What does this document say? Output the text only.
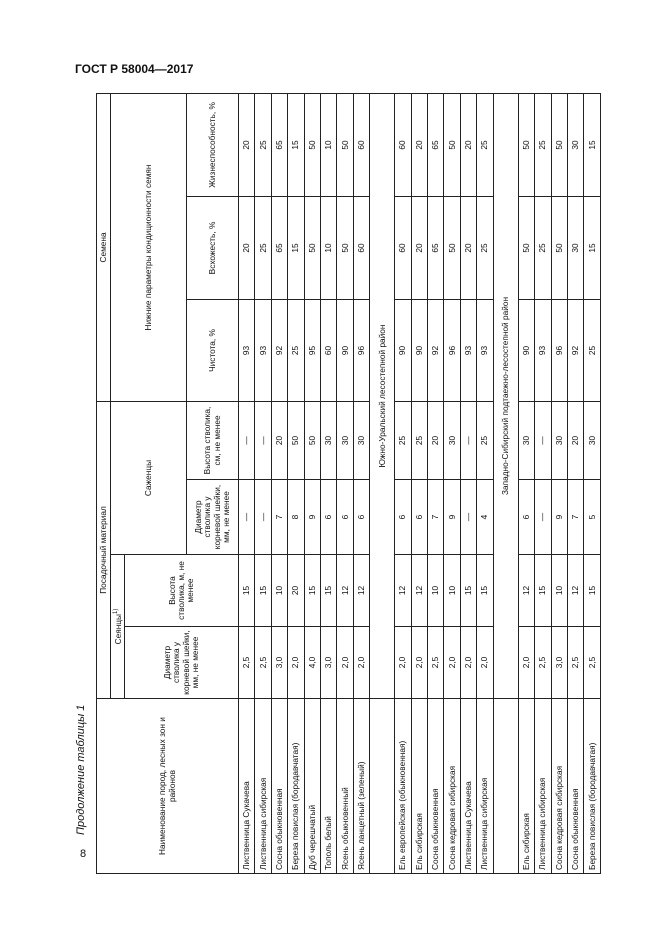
ГОСТ Р 58004—2017
Продолжение таблицы 1
8	Наименование пород, лесных зон и районов	Посадочный материал				Семена		
	Сеянцы$^{1)}$		Саженцы		Нижние параметры кондиционности семян		
	Диаметр стволика у корневой шейки, мм, не менее	Высота стволика, м, не менее					
			Диаметр стволика у корневой шейки, мм, не менее	Высота стволика, см, не менее	Чистота, %	Всхожесть, %	Жизнеспособность, %
Лиственница Сукачева	2,5	15	—	—	93	20	20
Лиственница сибирская	2,5	15	—	—	93	25	25
Сосна обыкновенная	3,0	10	7	20	92	65	65
Береза повислая (бородавчатая)	2,0	20	8	50	25	15	15
Дуб черешчатый	4,0	15	9	50	95	50	50
Тополь белый	3,0	15	6	30	60	10	10
Ясень обыкновенный	2,0	12	6	30	90	50	50
Ясень ланцетный (зеленый)	2,0	12	6	30	96	60	60
	Южно-Уральский лесостепной район						
Ель европейская (обыкновенная)	2,0	12	6	25	90	60	60
Ель сибирская	2,0	12	6	25	90	20	20
Сосна обыкновенная	2,5	10	7	20	92	65	65
Сосна кедровая сибирская	2,0	10	9	30	96	50	50
Лиственница Сукачева	2,0	15	—	—	93	20	20
Лиственница сибирская	2,0	15	4	25	93	25	25
	Западно-Сибирский подтаежно-лесостепной район						
Ель сибирская	2,0	12	6	30	90	50	50
Лиственница сибирская	2,5	15	—	—	93	25	25
Сосна кедровая сибирская	3,0	10	9	30	96	50	50
Сосна обыкновенная	2,5	12	7	20	92	30	30
Береза повислая (бородавчатая)	2,5	15	5	30	25	15	15
